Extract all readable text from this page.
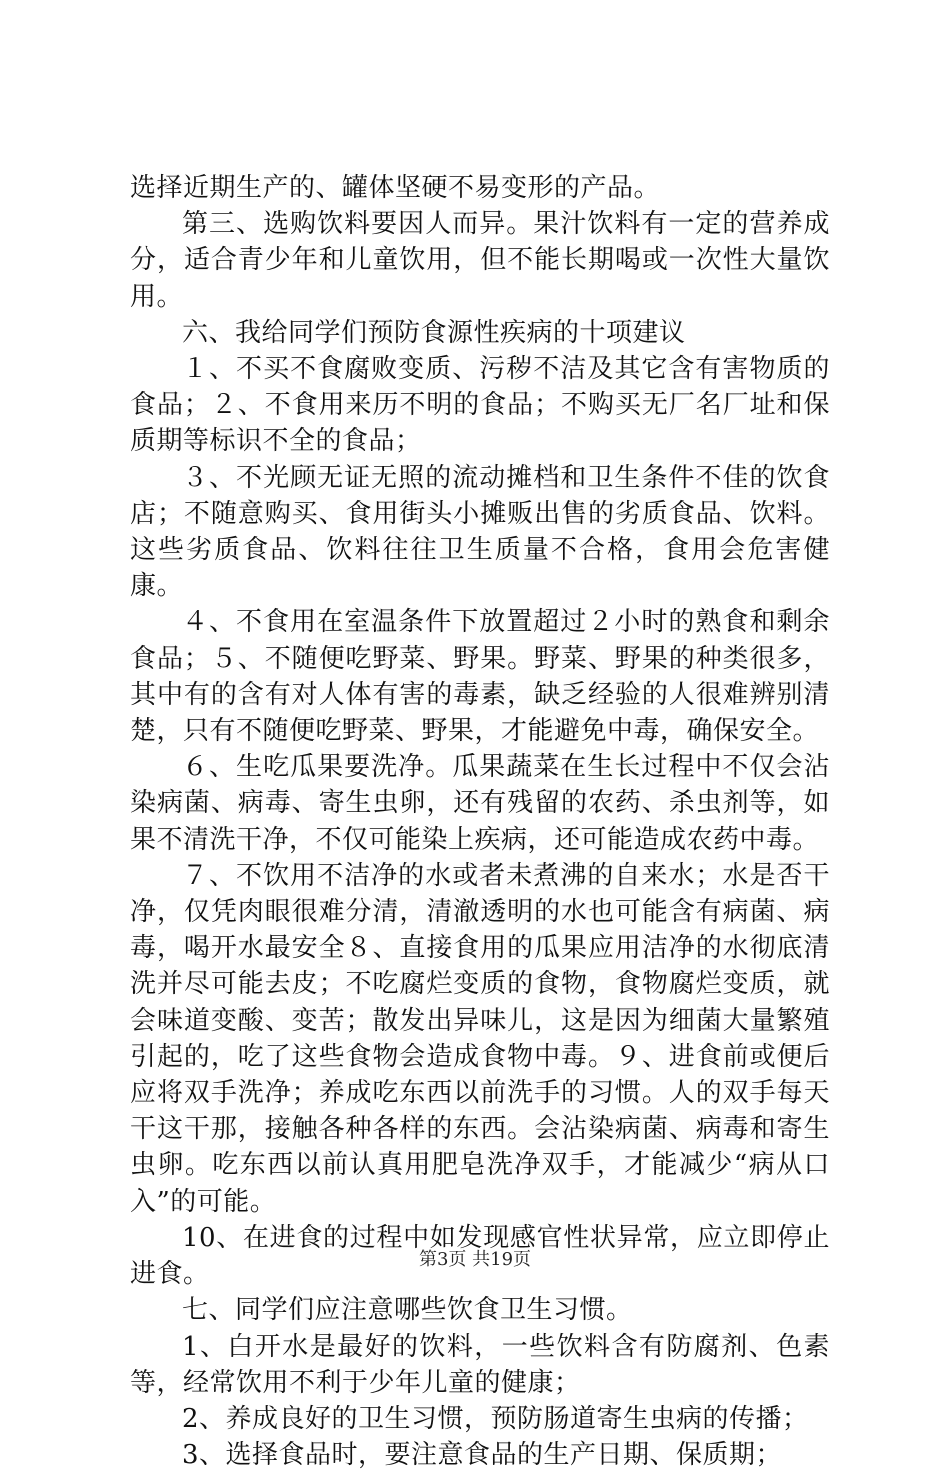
选择近期生产的、罐体坚硬不易变形的产品。

第三、选购饮料要因人而异。果汁饮料有一定的营养成分，适合青少年和儿童饮用，但不能长期喝或一次性大量饮用。

六、我给同学们预防食源性疾病的十项建议

１、不买不食腐败变质、污秽不洁及其它含有害物质的食品；２、不食用来历不明的食品；不购买无厂名厂址和保质期等标识不全的食品；

３、不光顾无证无照的流动摊档和卫生条件不佳的饮食店；不随意购买、食用街头小摊贩出售的劣质食品、饮料。这些劣质食品、饮料往往卫生质量不合格，食用会危害健康。

４、不食用在室温条件下放置超过２小时的熟食和剩余食品；５、不随便吃野菜、野果。野菜、野果的种类很多，其中有的含有对人体有害的毒素，缺乏经验的人很难辨别清楚，只有不随便吃野菜、野果，才能避免中毒，确保安全。

６、生吃瓜果要洗净。瓜果蔬菜在生长过程中不仅会沾染病菌、病毒、寄生虫卵，还有残留的农药、杀虫剂等，如果不清洗干净，不仅可能染上疾病，还可能造成农药中毒。

７、不饮用不洁净的水或者未煮沸的自来水；水是否干净，仅凭肉眼很难分清，清澈透明的水也可能含有病菌、病毒，喝开水最安全８、直接食用的瓜果应用洁净的水彻底清洗并尽可能去皮；不吃腐烂变质的食物，食物腐烂变质，就会味道变酸、变苦；散发出异味儿，这是因为细菌大量繁殖引起的，吃了这些食物会造成食物中毒。９、进食前或便后应将双手洗净；养成吃东西以前洗手的习惯。人的双手每天干这干那，接触各种各样的东西。会沾染病菌、病毒和寄生虫卵。吃东西以前认真用肥皂洗净双手，才能减少“病从口入”的可能。

10、在进食的过程中如发现感官性状异常，应立即停止进食。

七、同学们应注意哪些饮食卫生习惯。

1、白开水是最好的饮料，一些饮料含有防腐剂、色素等，经常饮用不利于少年儿童的健康；

2、养成良好的卫生习惯，预防肠道寄生虫病的传播；

3、选择食品时，要注意食品的生产日期、保质期；

第3页 共19页
